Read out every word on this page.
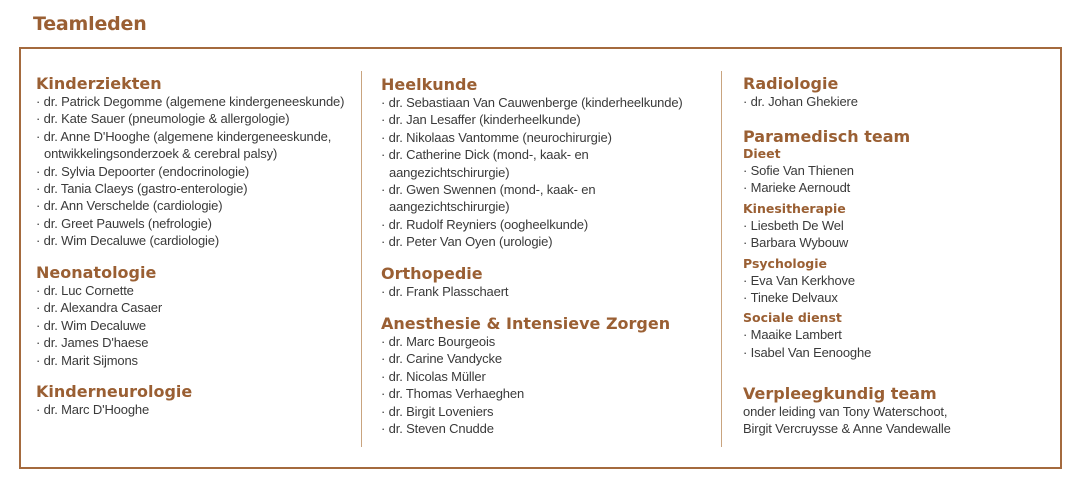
Teamleden
Kinderziekten
· dr. Patrick Degomme (algemene kindergeneeskunde)
· dr. Kate Sauer (pneumologie & allergologie)
· dr. Anne D'Hooghe (algemene kindergeneeskunde, ontwikkelingsonderzoek & cerebral palsy)
· dr. Sylvia Depoorter (endocrinologie)
· dr. Tania Claeys (gastro-enterologie)
· dr. Ann Verschelde (cardiologie)
· dr. Greet Pauwels (nefrologie)
· dr. Wim Decaluwe (cardiologie)
Neonatologie
· dr. Luc Cornette
· dr. Alexandra Casaer
· dr. Wim Decaluwe
· dr. James D'haese
· dr. Marit Sijmons
Kinderneurologie
· dr. Marc D'Hooghe
Heelkunde
· dr. Sebastiaan Van Cauwenberge (kinderheelkunde)
· dr. Jan Lesaffer (kinderheelkunde)
· dr. Nikolaas Vantomme (neurochirurgie)
· dr. Catherine Dick (mond-, kaak- en aangezichtschirurgie)
· dr. Gwen Swennen (mond-, kaak- en aangezichtschirurgie)
· dr. Rudolf Reyniers (oogheelkunde)
· dr. Peter Van Oyen (urologie)
Orthopedie
· dr. Frank Plasschaert
Anesthesie & Intensieve Zorgen
· dr. Marc Bourgeois
· dr. Carine Vandycke
· dr. Nicolas Müller
· dr. Thomas Verhaeghen
· dr. Birgit Loveniers
· dr. Steven Cnudde
Radiologie
· dr. Johan Ghekiere
Paramedisch team
Dieet
· Sofie Van Thienen
· Marieke Aernoudt
Kinesitherapie
· Liesbeth De Wel
· Barbara Wybouw
Psychologie
· Eva Van Kerkhove
· Tineke Delvaux
Sociale dienst
· Maaike Lambert
· Isabel Van Eenooghe
Verpleegkundig team
onder leiding van Tony Waterschoot,
Birgit Vercruysse & Anne Vandewalle
